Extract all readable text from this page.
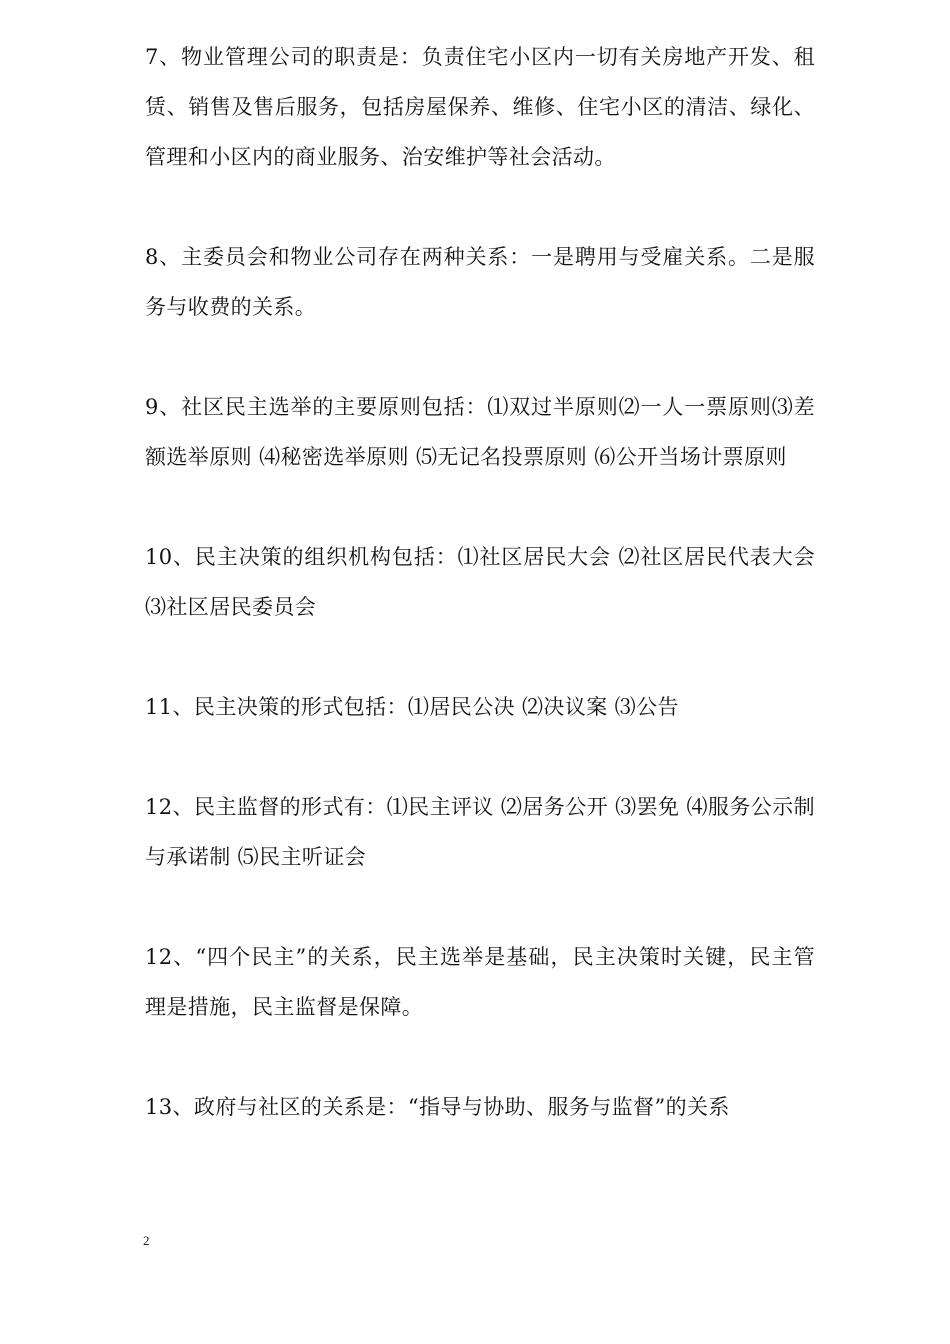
7、物业管理公司的职责是：负责住宅小区内一切有关房地产开发、租赁、销售及售后服务，包括房屋保养、维修、住宅小区的清洁、绿化、管理和小区内的商业服务、治安维护等社会活动。

8、主委员会和物业公司存在两种关系：一是聘用与受雇关系。二是服务与收费的关系。

9、社区民主选举的主要原则包括：⑴双过半原则⑵一人一票原则⑶差额选举原则 ⑷秘密选举原则 ⑸无记名投票原则 ⑹公开当场计票原则

10、民主决策的组织机构包括：⑴社区居民大会 ⑵社区居民代表大会 ⑶社区居民委员会

11、民主决策的形式包括：⑴居民公决 ⑵决议案 ⑶公告

12、民主监督的形式有：⑴民主评议 ⑵居务公开 ⑶罢免 ⑷服务公示制与承诺制 ⑸民主听证会

12、“四个民主”的关系，民主选举是基础，民主决策时关键，民主管理是措施，民主监督是保障。

13、政府与社区的关系是：“指导与协助、服务与监督”的关系

2
